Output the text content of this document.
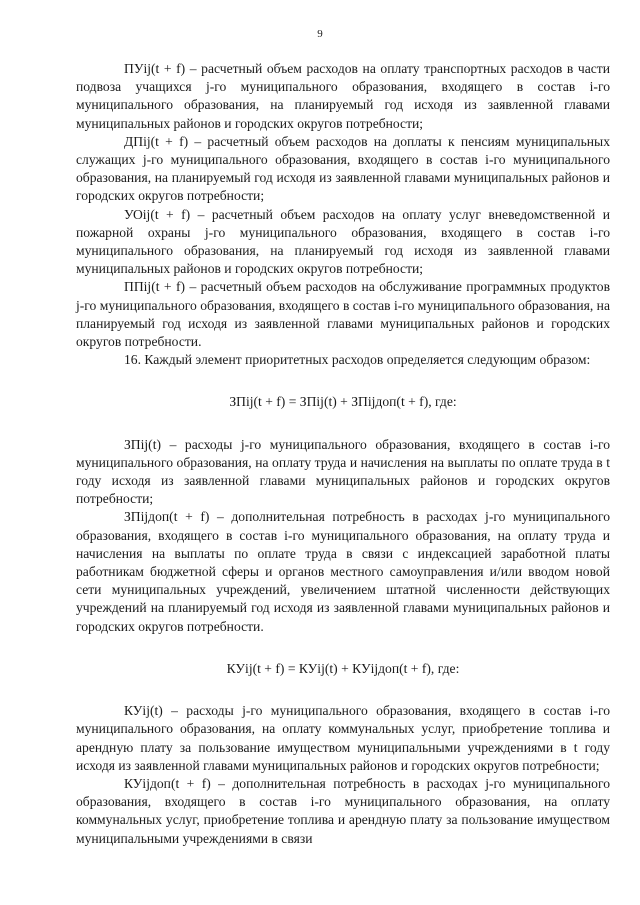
9

ПУij(t + f) – расчетный объем расходов на оплату транспортных расходов в части подвоза учащихся j-го муниципального образования, входящего в состав i-го муниципального образования, на планируемый год исходя из заявленной главами муниципальных районов и городских округов потребности;

ДПij(t + f) – расчетный объем расходов на доплаты к пенсиям муниципальных служащих j-го муниципального образования, входящего в состав i-го муниципального образования, на планируемый год исходя из заявленной главами муниципальных районов и городских округов потребности;

УОij(t + f) – расчетный объем расходов на оплату услуг вневедомственной и пожарной охраны j-го муниципального образования, входящего в состав i-го муниципального образования, на планируемый год исходя из заявленной главами муниципальных районов и городских округов потребности;

ППij(t + f) – расчетный объем расходов на обслуживание программных продуктов j-го муниципального образования, входящего в состав i-го муниципального образования, на планируемый год исходя из заявленной главами муниципальных районов и городских округов потребности.

16. Каждый элемент приоритетных расходов определяется следующим образом:

ЗПij(t + f) = ЗПij(t) + ЗПijдоп(t + f), где:

ЗПij(t) – расходы j-го муниципального образования, входящего в состав i-го муниципального образования, на оплату труда и начисления на выплаты по оплате труда в t году исходя из заявленной главами муниципальных районов и городских округов потребности;

ЗПijдоп(t + f) – дополнительная потребность в расходах j-го муниципального образования, входящего в состав i-го муниципального образования, на оплату труда и начисления на выплаты по оплате труда в связи с индексацией заработной платы работникам бюджетной сферы и органов местного самоуправления и/или вводом новой сети муниципальных учреждений, увеличением штатной численности действующих учреждений на планируемый год исходя из заявленной главами муниципальных районов и городских округов потребности.

КУij(t + f) = КУij(t) + КУijдоп(t + f), где:

КУij(t) – расходы j-го муниципального образования, входящего в состав i-го муниципального образования, на оплату коммунальных услуг, приобретение топлива и арендную плату за пользование имуществом муниципальными учреждениями в t году исходя из заявленной главами муниципальных районов и городских округов потребности;

КУijдоп(t + f) – дополнительная потребность в расходах j-го муниципального образования, входящего в состав i-го муниципального образования, на оплату коммунальных услуг, приобретение топлива и арендную плату за пользование имуществом муниципальными учреждениями в связи
